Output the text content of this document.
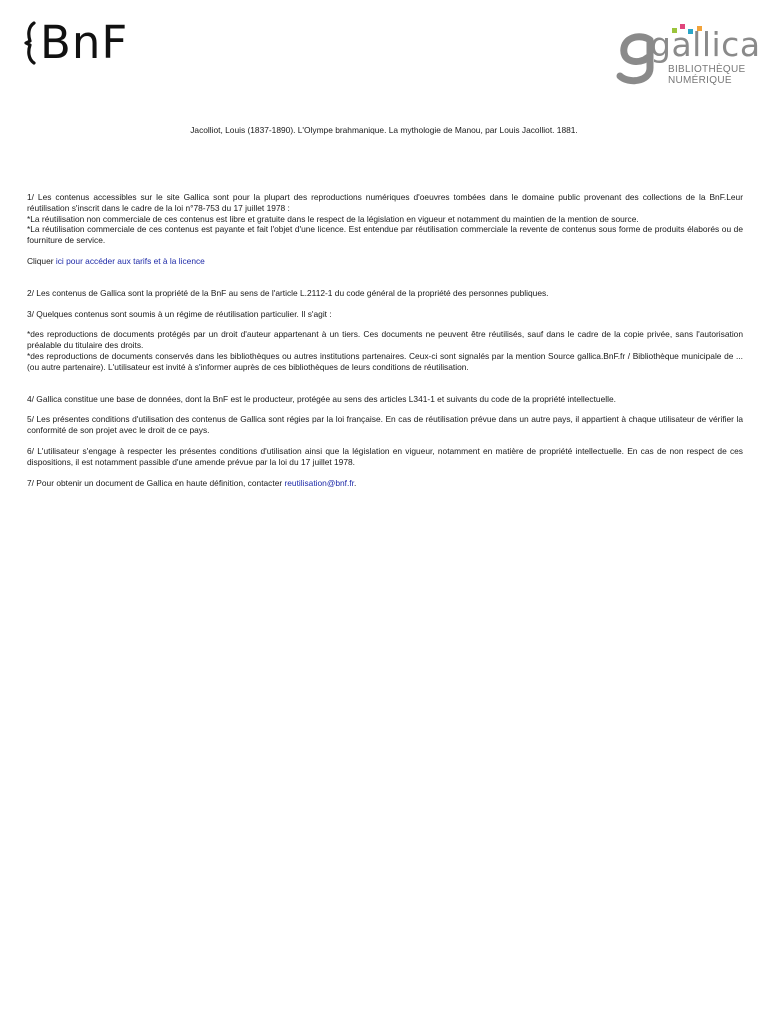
BnF	gallica
BIBLIOTHÈQUE
NUMÉRIQUE
Jacolliot, Louis (1837-1890). L'Olympe brahmanique. La mythologie de Manou, par Louis Jacolliot. 1881.

1/ Les contenus accessibles sur le site Gallica sont pour la plupart des reproductions numériques d'oeuvres tombées dans le domaine public provenant des collections de la BnF.Leur réutilisation s'inscrit dans le cadre de la loi n°78-753 du 17 juillet 1978 :

*La réutilisation non commerciale de ces contenus est libre et gratuite dans le respect de la législation en vigueur et notamment du maintien de la mention de source.

*La réutilisation commerciale de ces contenus est payante et fait l'objet d'une licence. Est entendue par réutilisation commerciale la revente de contenus sous forme de produits élaborés ou de fourniture de service.

Cliquer ici pour accéder aux tarifs et à la licence

2/ Les contenus de Gallica sont la propriété de la BnF au sens de l'article L.2112-1 du code général de la propriété des personnes publiques.

3/ Quelques contenus sont soumis à un régime de réutilisation particulier. Il s'agit :

*des reproductions de documents protégés par un droit d'auteur appartenant à un tiers. Ces documents ne peuvent être réutilisés, sauf dans le cadre de la copie privée, sans l'autorisation préalable du titulaire des droits.

*des reproductions de documents conservés dans les bibliothèques ou autres institutions partenaires. Ceux-ci sont signalés par la mention Source gallica.BnF.fr / Bibliothèque municipale de ... (ou autre partenaire). L'utilisateur est invité à s'informer auprès de ces bibliothèques de leurs conditions de réutilisation.

4/ Gallica constitue une base de données, dont la BnF est le producteur, protégée au sens des articles L341-1 et suivants du code de la propriété intellectuelle.

5/ Les présentes conditions d'utilisation des contenus de Gallica sont régies par la loi française. En cas de réutilisation prévue dans un autre pays, il appartient à chaque utilisateur de vérifier la conformité de son projet avec le droit de ce pays.

6/ L'utilisateur s'engage à respecter les présentes conditions d'utilisation ainsi que la législation en vigueur, notamment en matière de propriété intellectuelle. En cas de non respect de ces dispositions, il est notamment passible d'une amende prévue par la loi du 17 juillet 1978.

7/ Pour obtenir un document de Gallica en haute définition, contacter reutilisation@bnf.fr.
